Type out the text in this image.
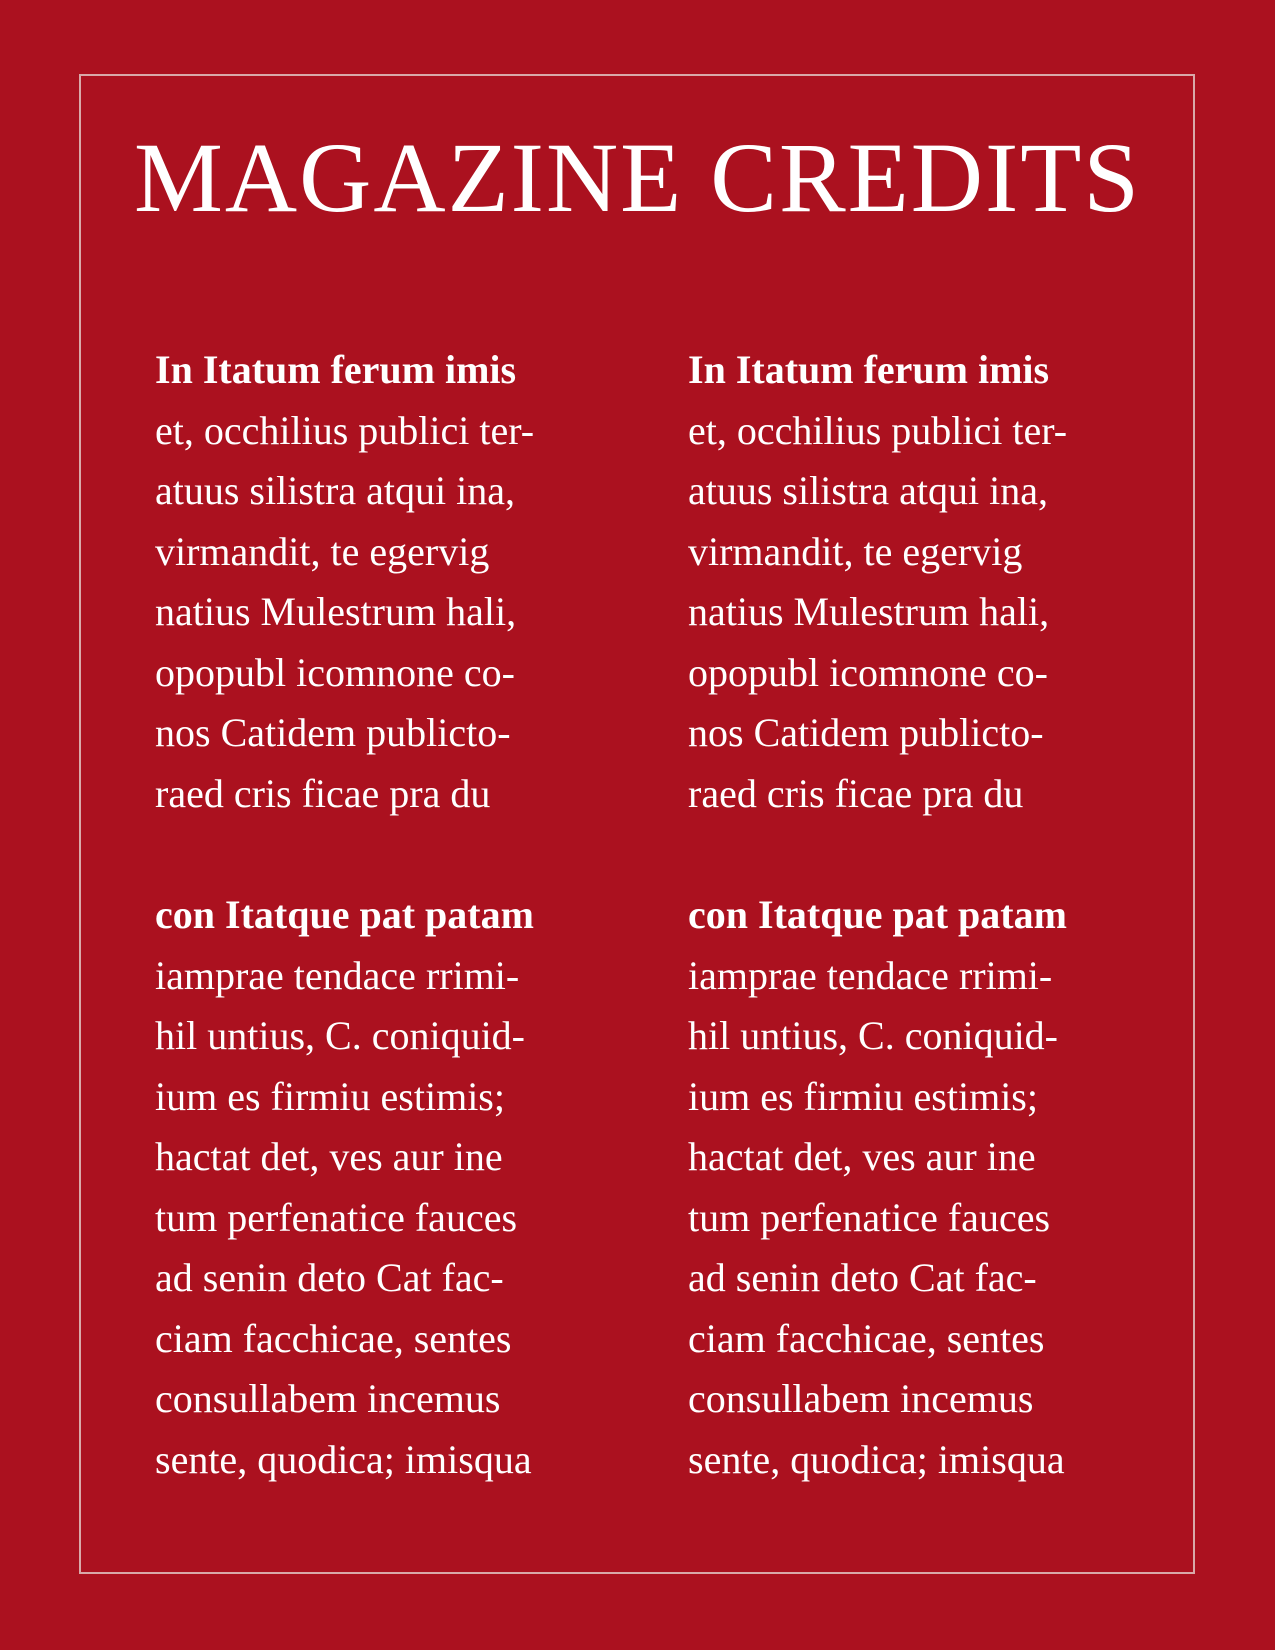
MAGAZINE CREDITS
In Itatum ferum imis
et, occhilius publici ter-
atuus silistra atqui ina,
virmandit, te egervig
natius Mulestrum hali,
opopubl icomnone co-
nos Catidem publicto-
raed cris ficae pra du
con Itatque pat patam
iamprae tendace rrimi-
hil untius, C. coniquid-
ium es firmiu estimis;
hactat det, ves aur ine
tum perfenatice fauces
ad senin deto Cat fac-
ciam facchicae, sentes
consullabem incemus
sente, quodica; imisqua
In Itatum ferum imis
et, occhilius publici ter-
atuus silistra atqui ina,
virmandit, te egervig
natius Mulestrum hali,
opopubl icomnone co-
nos Catidem publicto-
raed cris ficae pra du
con Itatque pat patam
iamprae tendace rrimi-
hil untius, C. coniquid-
ium es firmiu estimis;
hactat det, ves aur ine
tum perfenatice fauces
ad senin deto Cat fac-
ciam facchicae, sentes
consullabem incemus
sente, quodica; imisqua
